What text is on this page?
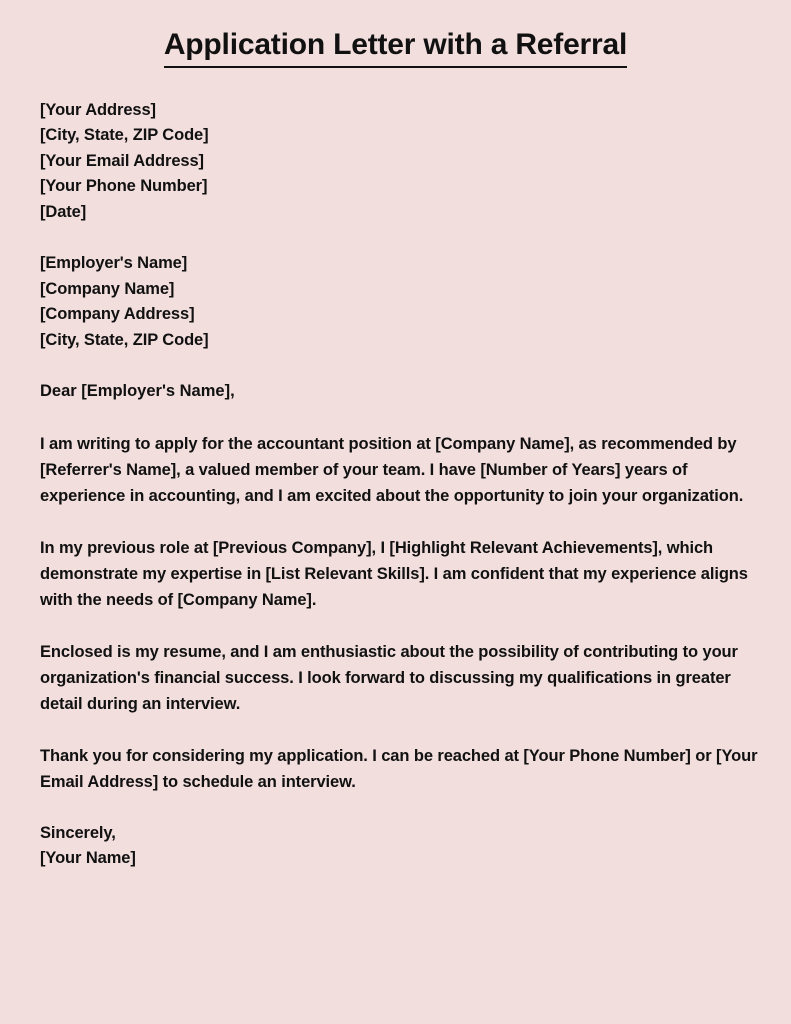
Application Letter with a Referral
[Your Address]
[City, State, ZIP Code]
[Your Email Address]
[Your Phone Number]
[Date]
[Employer's Name]
[Company Name]
[Company Address]
[City, State, ZIP Code]
Dear [Employer's Name],

I am writing to apply for the accountant position at [Company Name], as recommended by [Referrer's Name], a valued member of your team. I have [Number of Years] years of experience in accounting, and I am excited about the opportunity to join your organization.

In my previous role at [Previous Company], I [Highlight Relevant Achievements], which demonstrate my expertise in [List Relevant Skills]. I am confident that my experience aligns with the needs of [Company Name].

Enclosed is my resume, and I am enthusiastic about the possibility of contributing to your organization's financial success. I look forward to discussing my qualifications in greater detail during an interview.

Thank you for considering my application. I can be reached at [Your Phone Number] or [Your Email Address] to schedule an interview.

Sincerely,
[Your Name]
